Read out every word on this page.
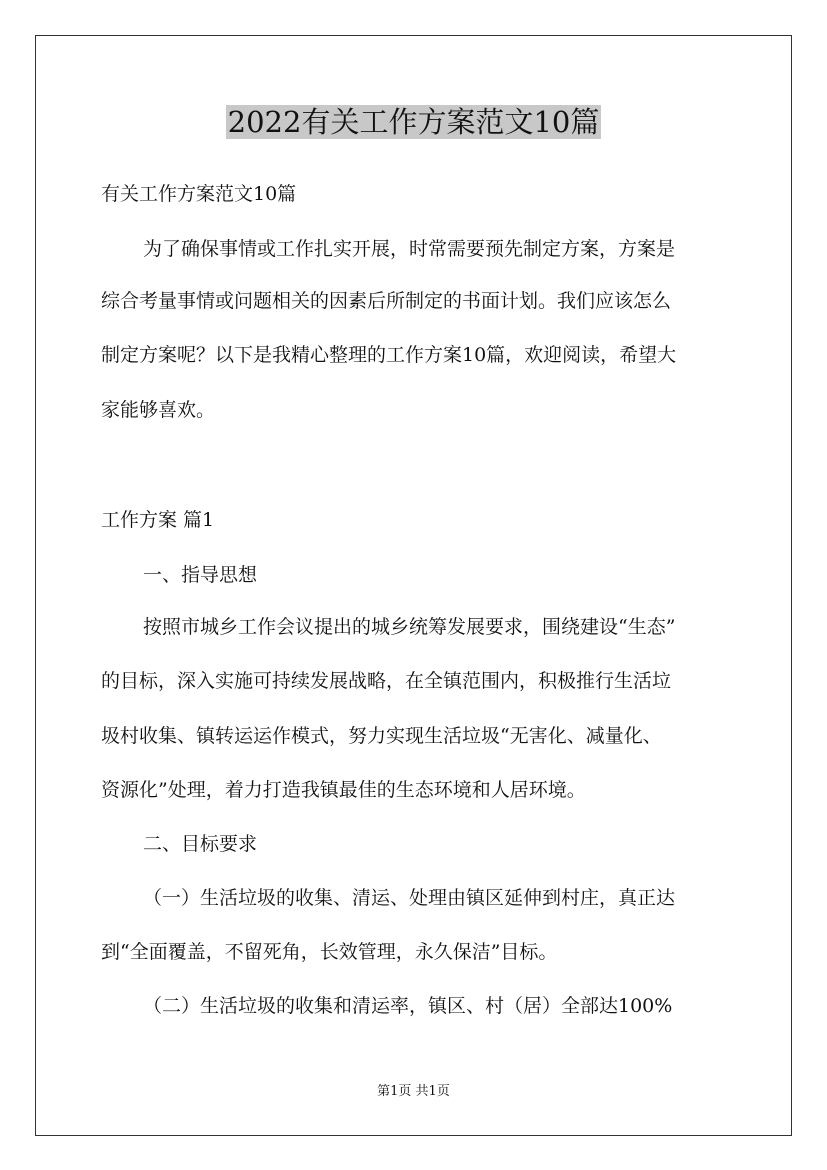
2022有关工作方案范文10篇
有关工作方案范文10篇
为了确保事情或工作扎实开展，时常需要预先制定方案，方案是
综合考量事情或问题相关的因素后所制定的书面计划。我们应该怎么
制定方案呢？以下是我精心整理的工作方案10篇，欢迎阅读，希望大
家能够喜欢。
工作方案 篇1
一、指导思想
按照市城乡工作会议提出的城乡统筹发展要求，围绕建设“生态”
的目标，深入实施可持续发展战略，在全镇范围内，积极推行生活垃
圾村收集、镇转运运作模式，努力实现生活垃圾“无害化、减量化、
资源化”处理，着力打造我镇最佳的生态环境和人居环境。
二、目标要求
（一）生活垃圾的收集、清运、处理由镇区延伸到村庄，真正达
到“全面覆盖，不留死角，长效管理，永久保洁”目标。
（二）生活垃圾的收集和清运率，镇区、村（居）全部达100%
第1页 共1页
